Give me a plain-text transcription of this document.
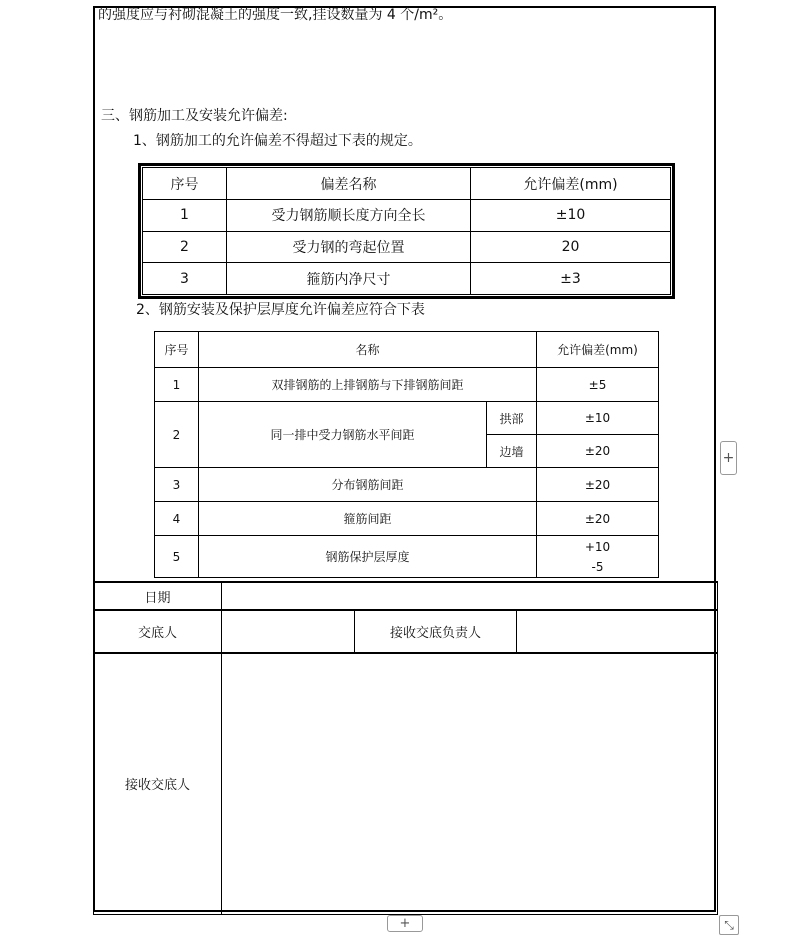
的强度应与衬砌混凝土的强度一致,挂设数量为 4 个/m²。
三、钢筋加工及安装允许偏差:
1、钢筋加工的允许偏差不得超过下表的规定。
序号	偏差名称	允许偏差(mm)
1	受力钢筋顺长度方向全长	±10
2	受力钢的弯起位置	20
3	箍筋内净尺寸	±3
2、钢筋安装及保护层厚度允许偏差应符合下表
序号	名称		允许偏差(mm)
1	双排钢筋的上排钢筋与下排钢筋间距		±5
2	同一排中受力钢筋水平间距	拱部	±10
		边墙	±20
3	分布钢筋间距		±20
4	箍筋间距		±20
5	钢筋保护层厚度		+10
-5
日期			
交底人		接收交底负责人	
接收交底人			
+
+	⤡
